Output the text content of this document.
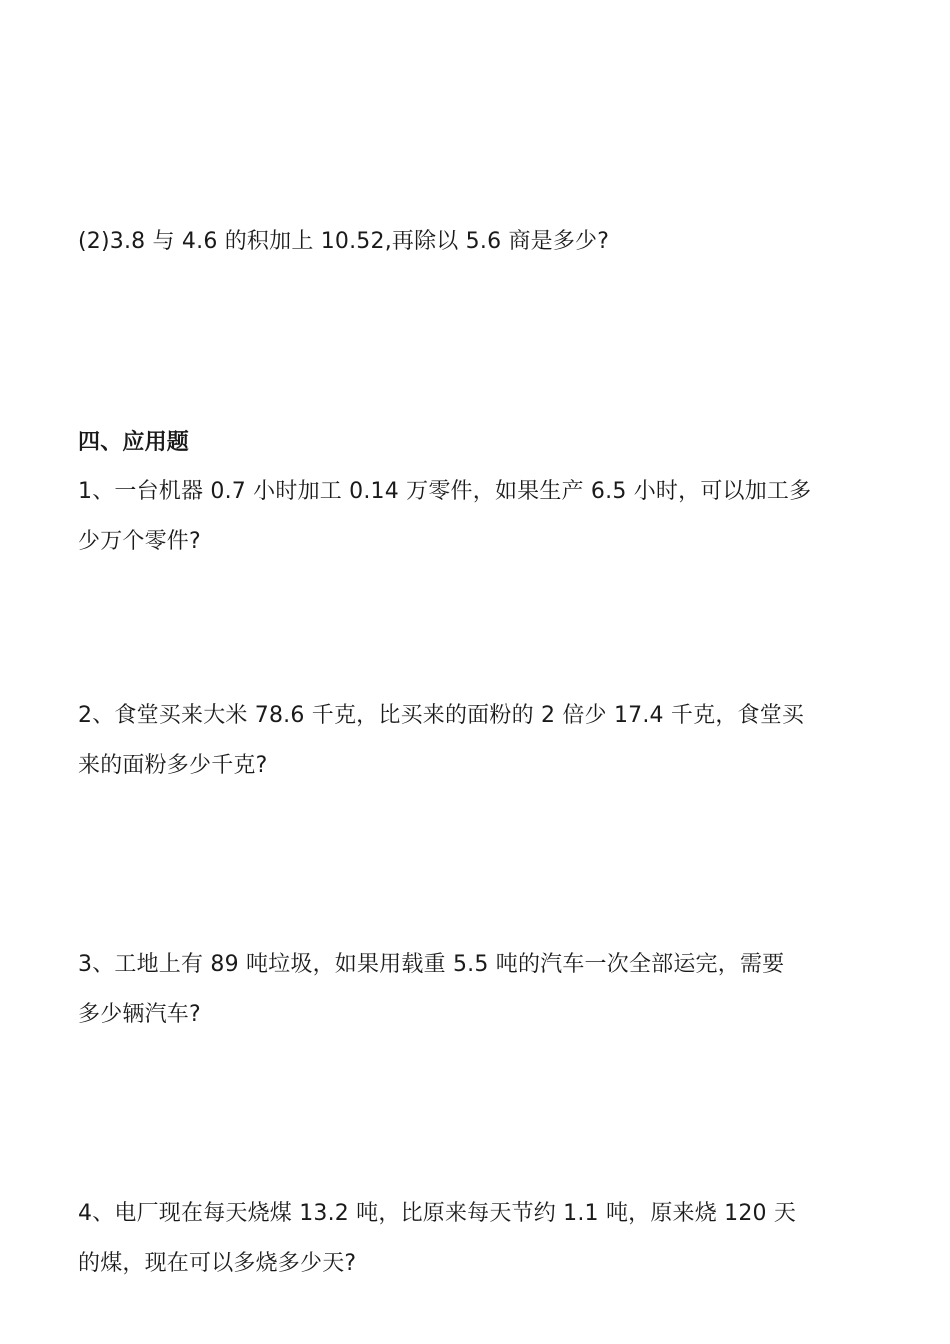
(2)3.8 与 4.6 的积加上 10.52,再除以 5.6 商是多少?
四、应用题
1、一台机器 0.7 小时加工 0.14 万零件，如果生产 6.5 小时，可以加工多
少万个零件?
2、食堂买来大米 78.6 千克，比买来的面粉的 2 倍少 17.4 千克，食堂买
来的面粉多少千克?
3、工地上有 89 吨垃圾，如果用载重 5.5 吨的汽车一次全部运完，需要
多少辆汽车?
4、电厂现在每天烧煤 13.2 吨，比原来每天节约 1.1 吨，原来烧 120 天
的煤，现在可以多烧多少天?
